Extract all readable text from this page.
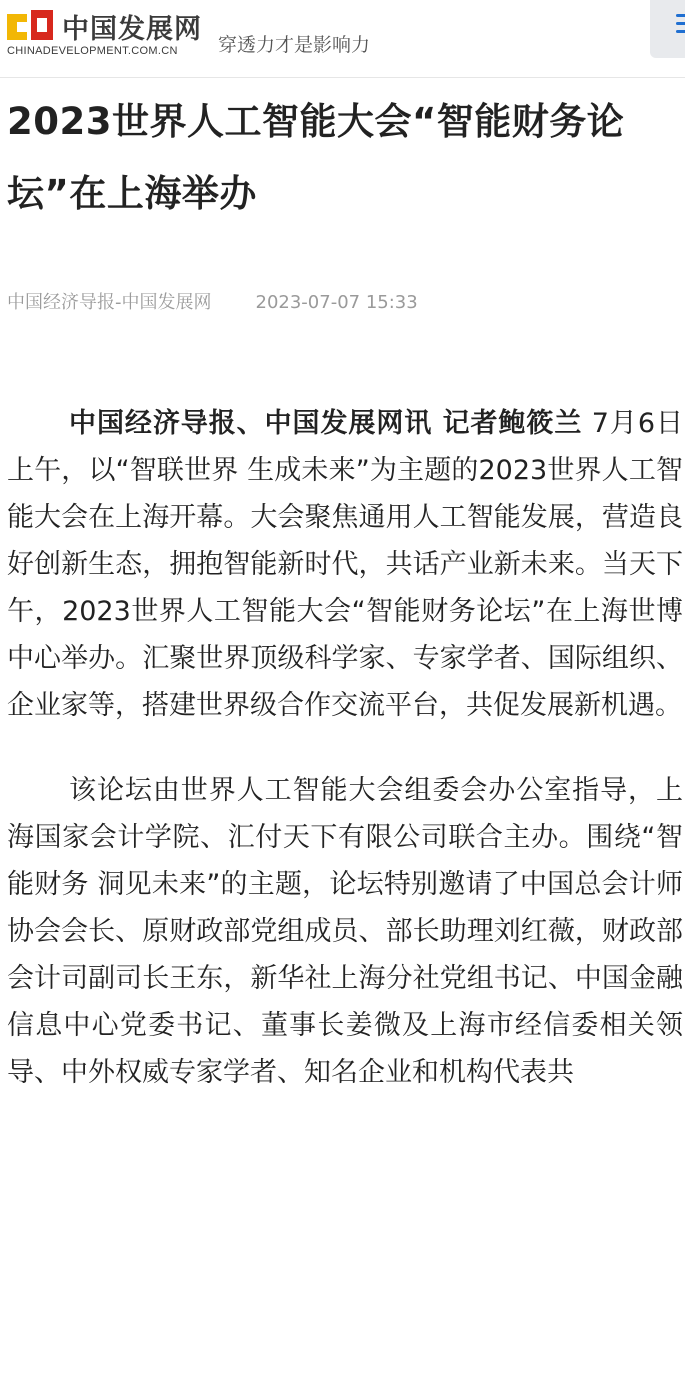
中国发展网
CHINADEVELOPMENT.COM.CN 穿透力才是影响力
2023世界人工智能大会“智能财务论坛”在上海举办
中国经济导报-中国发展网 2023-07-07 15:33

中国经济导报、中国发展网讯 记者鲍筱兰 7月6日上午，以“智联世界 生成未来”为主题的2023世界人工智能大会在上海开幕。大会聚焦通用人工智能发展，营造良好创新生态，拥抱智能新时代，共话产业新未来。当天下午，2023世界人工智能大会“智能财务论坛”在上海世博中心举办。汇聚世界顶级科学家、专家学者、国际组织、企业家等，搭建世界级合作交流平台，共促发展新机遇。

该论坛由世界人工智能大会组委会办公室指导，上海国家会计学院、汇付天下有限公司联合主办。围绕“智能财务 洞见未来”的主题，论坛特别邀请了中国总会计师协会会长、原财政部党组成员、部长助理刘红薇，财政部会计司副司长王东，新华社上海分社党组书记、中国金融信息中心党委书记、董事长姜微及上海市经信委相关领导、中外权威专家学者、知名企业和机构代表共
